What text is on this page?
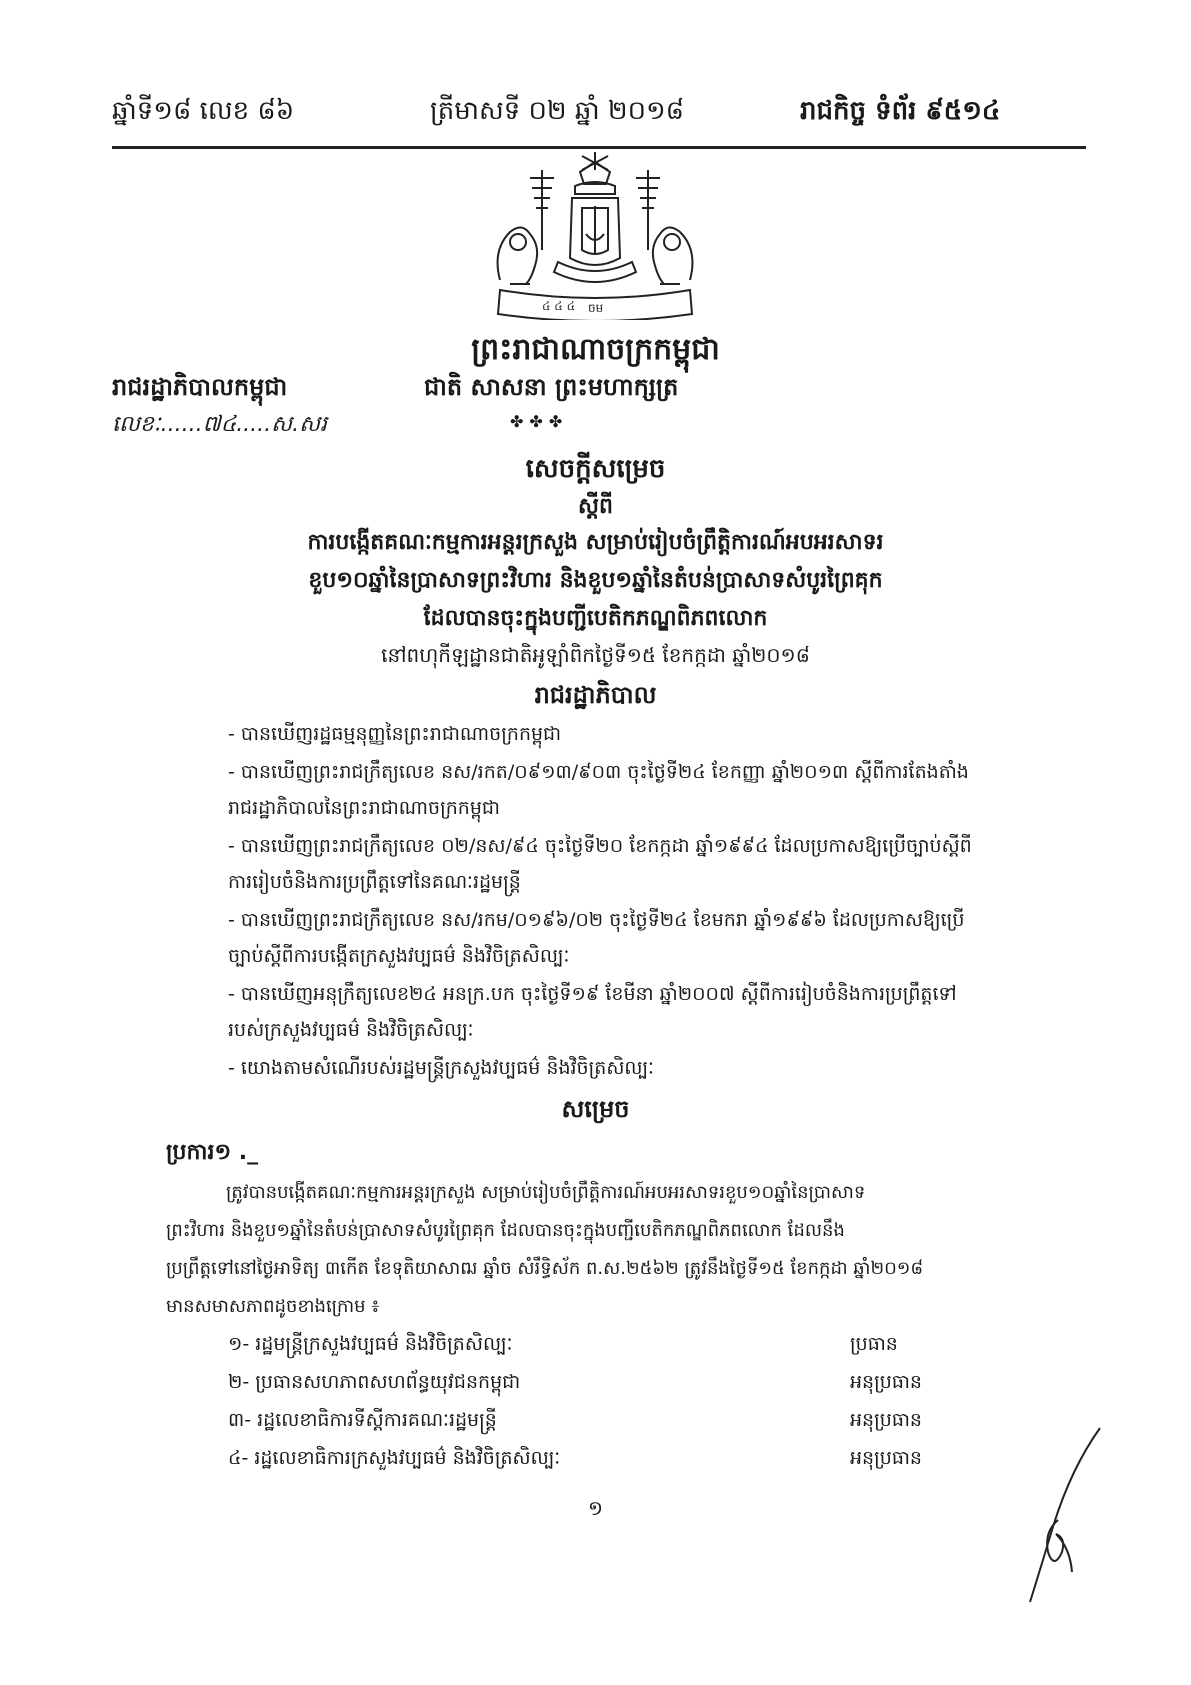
ឆ្នាំទី១៨ លេខ ៨៦	ត្រីមាសទី ០២ ឆ្នាំ ២០១៨	រាជកិច្ច ទំព័រ ៩៥១៤
៤ ៤ ៤ ចម
ព្រះរាជាណាចក្រកម្ពុជា
រាជរដ្ឋាភិបាលកម្ពុជា	ជាតិ សាសនា ព្រះមហាក្សត្រ
លេខៈ......៧៤.....ស.សរ	✤✤✤
សេចក្ដីសម្រេច
ស្ដីពី
ការបង្កើតគណៈកម្មការអន្តរក្រសួង សម្រាប់រៀបចំព្រឹត្តិការណ៍អបអរសាទរ
ខួប១០ឆ្នាំនៃប្រាសាទព្រះវិហារ និងខួប១ឆ្នាំនៃតំបន់ប្រាសាទសំបូរព្រៃគុក
ដែលបានចុះក្នុងបញ្ជីបេតិកភណ្ឌពិភពលោក
នៅពហុកីឡដ្ឋានជាតិអូឡាំពិកថ្ងៃទី១៥ ខែកក្កដា ឆ្នាំ២០១៨
រាជរដ្ឋាភិបាល
- បានឃើញរដ្ឋធម្មនុញ្ញនៃព្រះរាជាណាចក្រកម្ពុជា
- បានឃើញព្រះរាជក្រឹត្យលេខ នស/រកត/០៩១៣/៩០៣ ចុះថ្ងៃទី២៤ ខែកញ្ញា ឆ្នាំ២០១៣ ស្ដីពីការតែងតាំង
រាជរដ្ឋាភិបាលនៃព្រះរាជាណាចក្រកម្ពុជា
- បានឃើញព្រះរាជក្រឹត្យលេខ ០២/នស/៩៤ ចុះថ្ងៃទី២០ ខែកក្កដា ឆ្នាំ១៩៩៤ ដែលប្រកាសឱ្យប្រើច្បាប់ស្ដីពី
ការរៀបចំនិងការប្រព្រឹត្តទៅនៃគណៈរដ្ឋមន្ត្រី
- បានឃើញព្រះរាជក្រឹត្យលេខ នស/រកម/០១៩៦/០២ ចុះថ្ងៃទី២៤ ខែមករា ឆ្នាំ១៩៩៦ ដែលប្រកាសឱ្យប្រើ
ច្បាប់ស្ដីពីការបង្កើតក្រសួងវប្បធម៌ និងវិចិត្រសិល្បៈ
- បានឃើញអនុក្រឹត្យលេខ២៤ អនក្រ.បក ចុះថ្ងៃទី១៩ ខែមីនា ឆ្នាំ២០០៧ ស្ដីពីការរៀបចំនិងការប្រព្រឹត្តទៅ
របស់ក្រសួងវប្បធម៌ និងវិចិត្រសិល្បៈ
- យោងតាមសំណើរបស់រដ្ឋមន្ត្រីក្រសួងវប្បធម៌ និងវិចិត្រសិល្បៈ
សម្រេច
ប្រការ១ ._
ត្រូវបានបង្កើតគណៈកម្មការអន្តរក្រសួង សម្រាប់រៀបចំព្រឹត្តិការណ៍អបអរសាទរខួប១០ឆ្នាំនៃប្រាសាទ
ព្រះវិហារ និងខួប១ឆ្នាំនៃតំបន់ប្រាសាទសំបូរព្រៃគុក ដែលបានចុះក្នុងបញ្ជីបេតិកភណ្ឌពិភពលោក ដែលនឹង
ប្រព្រឹត្តទៅនៅថ្ងៃអាទិត្យ ៣កើត ខែទុតិយាសាឍ ឆ្នាំច សំរឹទ្ធិស័ក ព.ស.២៥៦២ ត្រូវនឹងថ្ងៃទី១៥ ខែកក្កដា ឆ្នាំ២០១៨
មានសមាសភាពដូចខាងក្រោម ៖
១- រដ្ឋមន្ត្រីក្រសួងវប្បធម៌ និងវិចិត្រសិល្បៈ	ប្រធាន
២- ប្រធានសហភាពសហព័ន្ធយុវជនកម្ពុជា	អនុប្រធាន
៣- រដ្ឋលេខាធិការទីស្ដីការគណៈរដ្ឋមន្ត្រី	អនុប្រធាន
៤- រដ្ឋលេខាធិការក្រសួងវប្បធម៌ និងវិចិត្រសិល្បៈ	អនុប្រធាន
១
